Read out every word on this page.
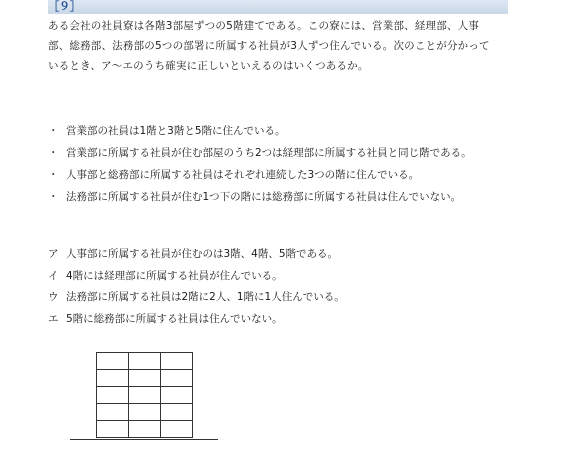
［９］

ある会社の社員寮は各階3部屋ずつの5階建てである。この寮には、営業部、経理部、人事

部、総務部、法務部の5つの部署に所属する社員が3人ずつ住んでいる。次のことが分かって

いるとき、ア～エのうち確実に正しいといえるのはいくつあるか。

・ 営業部の社員は1階と3階と5階に住んでいる。
・ 営業部に所属する社員が住む部屋のうち2つは経理部に所属する社員と同じ階である。
・ 人事部と総務部に所属する社員はそれぞれ連続した3つの階に住んでいる。
・ 法務部に所属する社員が住む1つ下の階には総務部に所属する社員は住んでいない。
ア 人事部に所属する社員が住むのは3階、4階、5階である。
イ 4階には経理部に所属する社員が住んでいる。
ウ 法務部に所属する社員は2階に2人、1階に1人住んでいる。
エ 5階に総務部に所属する社員は住んでいない。
